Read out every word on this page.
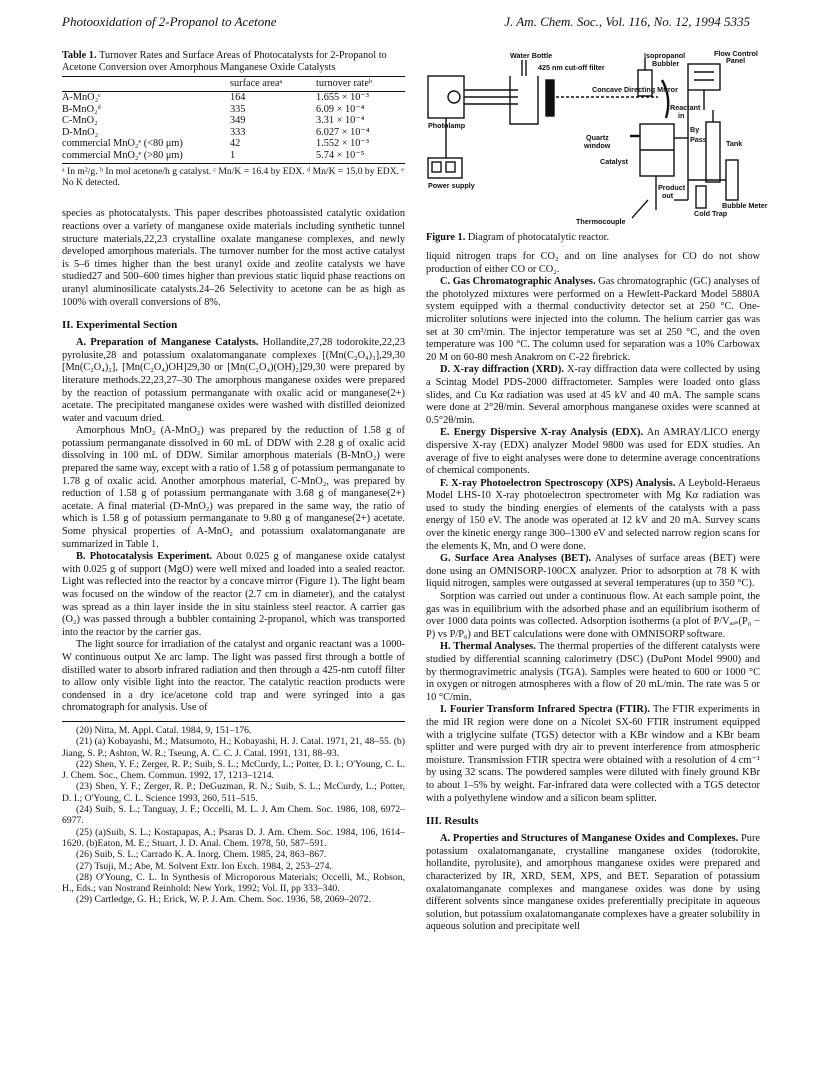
Photooxidation of 2-Propanol to Acetone	J. Am. Chem. Soc., Vol. 116, No. 12, 1994 5335

Table 1. Turnover Rates and Surface Areas of Photocatalysts for 2-Propanol to Acetone Conversion over Amorphous Manganese Oxide Catalysts

	surface areaᵃ	turnover rateᵇ
A-MnO₂ᶜ	164	1.655 × 10⁻³
B-MnO₂ᵈ	335	6.09 × 10⁻⁴
C-MnO₂	349	3.31 × 10⁻⁴
D-MnO₂	333	6.027 × 10⁻⁴
commercial MnO₂ᵉ (<80 μm)	42	1.552 × 10⁻³
commercial MnO₂ᵉ (>80 μm)	1	5.74 × 10⁻⁵

ᵃ In m²/g. ᵇ In mol acetone/h g catalyst. ᶜ Mn/K = 16.4 by EDX. ᵈ Mn/K = 15.0 by EDX. ᵉ No K detected.

species as photocatalysts. This paper describes photoassisted catalytic oxidation reactions over a variety of manganese oxide materials including synthetic tunnel structure materials,22,23 crystalline oxalate manganese complexes, and newly developed amorphous materials. The turnover number for the most active catalyst is 5–6 times higher than the best uranyl oxide and zeolite catalysts we have studied27 and 500–600 times higher than previous static liquid phase reactions on uranyl aluminosilicate catalysts.24–26 Selectivity to acetone can be as high as 100% with overall conversions of 8%.

II. Experimental Section

A. Preparation of Manganese Catalysts. Hollandite,27,28 todorokite,22,23 pyrolusite,28 and potassium oxalatomanganate complexes [(Mn(C₂O₄)₃],29,30 [Mn(C₂O₄)₂], [Mn(C₂O₄)OH]29,30 or [Mn(C₂O₄)(OH)₂]29,30 were prepared by literature methods.22,23,27–30 The amorphous manganese oxides were prepared by the reaction of potassium permanganate with oxalic acid or manganese(2+) acetate. The precipitated manganese oxides were washed with distilled deionized water and vacuum dried.

Amorphous MnO₂ (A-MnO₂) was prepared by the reduction of 1.58 g of potassium permanganate dissolved in 60 mL of DDW with 2.28 g of oxalic acid dissolving in 100 mL of DDW. Similar amorphous materials (B-MnO₂) were prepared the same way, except with a ratio of 1.58 g of potassium permanganate to 1.78 g of oxalic acid. Another amorphous material, C-MnO₂, was prepared by reduction of 1.58 g of potassium permanganate with 3.68 g of manganese(2+) acetate. A final material (D-MnO₂) was prepared in the same way, the ratio of which is 1.58 g of potassium permanganate to 9.80 g of manganese(2+) acetate. Some physical properties of A-MnO₂ and potassium oxalatomanganate are summarized in Table 1.

B. Photocatalysis Experiment. About 0.025 g of manganese oxide catalyst with 0.025 g of support (MgO) were well mixed and loaded into a sealed reactor. Light was reflected into the reactor by a concave mirror (Figure 1). The light beam was focused on the window of the reactor (2.7 cm in diameter), and the catalyst was spread as a thin layer inside the in situ stainless steel reactor. A carrier gas (O₂) was passed through a bubbler containing 2-propanol, which was transported into the reactor by the carrier gas.

The light source for irradiation of the catalyst and organic reactant was a 1000-W continuous output Xe arc lamp. The light was passed first through a bottle of distilled water to absorb infrared radiation and then through a 425-nm cutoff filter to allow only visible light into the reactor. The catalytic reaction products were condensed in a dry ice/acetone cold trap and were syringed into a gas chromatograph for analysis. Use of

(20) Nitta, M. Appl. Catal. 1984, 9, 151–176.

(21) (a) Kobayashi, M.; Matsumoto, H.; Kobayashi, H. J. Catal. 1971, 21, 48–55. (b) Jiang, S. P.; Ashton, W. R.; Tseung, A. C. C. J. Catal. 1991, 131, 88–93.

(22) Shen, Y. F.; Zerger, R. P.; Suib, S. L.; McCurdy, L.; Potter, D. I.; O'Young, C. L. J. Chem. Soc., Chem. Commun. 1992, 17, 1213–1214.

(23) Shen, Y. F.; Zerger, R. P.; DeGuzman, R. N.; Suib, S. L.; McCurdy, L.; Potter, D. I.; O'Young, C. L. Science 1993, 260, 511–515.

(24) Suib, S. L.; Tanguay, J. F.; Occelli, M. L. J. Am Chem. Soc. 1986, 108, 6972–6977.

(25) (a)Suib, S. L.; Kostapapas, A.; Psaras D. J. Am. Chem. Soc. 1984, 106, 1614–1620. (b)Eaton, M. E.; Stuart, J. D. Anal. Chem. 1978, 50, 587–591.

(26) Suib, S. L.; Carrado K. A. Inorg. Chem. 1985, 24, 863–867.

(27) Tsuji, M.; Abe, M. Solvent Extr. Ion Exch. 1984, 2, 253–274.

(28) O'Young, C. L. In Synthesis of Microporous Materials; Occelli, M., Robson, H., Eds.; van Nostrand Reinhold: New York, 1992; Vol. II, pp 333–340.

(29) Cartledge, G. H.; Erick, W. P. J. Am. Chem. Soc. 1936, 58, 2069–2072.

Water Bottle
425 nm cut-off filter
Isopropanol
Bubbler
Flow Control
Panel
Concave Directing Mirror
Reactant
in
By
Pass	Tank
Quartz
window
Catalyst
Photolamp
Power supply	Product
out
Bubble Meter
Cold Trap
Thermocouple

Figure 1. Diagram of photocatalytic reactor.

liquid nitrogen traps for CO₂ and on line analyses for CO do not show production of either CO or CO₂.

C. Gas Chromatographic Analyses. Gas chromatographic (GC) analyses of the photolyzed mixtures were performed on a Hewlett-Packard Model 5880A system equipped with a thermal conductivity detector set at 250 °C. One-microliter solutions were injected into the column. The helium carrier gas was set at 30 cm³/min. The injector temperature was set at 250 °C, and the oven temperature was 100 °C. The column used for separation was a 10% Carbowax 20 M on 60-80 mesh Anakrom on C-22 firebrick.

D. X-ray diffraction (XRD). X-ray diffraction data were collected by using a Scintag Model PDS-2000 diffractometer. Samples were loaded onto glass slides, and Cu Kα radiation was used at 45 kV and 40 mA. The sample scans were done at 2°2θ/min. Several amorphous manganese oxides were scanned at 0.5°2θ/min.

E. Energy Dispersive X-ray Analysis (EDX). An AMRAY/LICO energy dispersive X-ray (EDX) analyzer Model 9800 was used for EDX studies. An average of five to eight analyses were done to determine average concentrations of chemical components.

F. X-ray Photoelectron Spectroscopy (XPS) Analysis. A Leybold-Heraeus Model LHS-10 X-ray photoelectron spectrometer with Mg Kα radiation was used to study the binding energies of elements of the catalysts with a pass energy of 150 eV. The anode was operated at 12 kV and 20 mA. Survey scans over the kinetic energy range 300–1300 eV and selected narrow region scans for the elements K, Mn, and O were done.

G. Surface Area Analyses (BET). Analyses of surface areas (BET) were done using an OMNISORP-100CX analyzer. Prior to adsorption at 78 K with liquid nitrogen, samples were outgassed at several temperatures (up to 350 °C).

Sorption was carried out under a continuous flow. At each sample point, the gas was in equilibrium with the adsorbed phase and an equilibrium isotherm of over 1000 data points was collected. Adsorption isotherms (a plot of P/Vₐₔₛ(P₀ − P) vs P/P₀) and BET calculations were done with OMNISORP software.

H. Thermal Analyses. The thermal properties of the different catalysts were studied by differential scanning calorimetry (DSC) (DuPont Model 9900) and by thermogravimetric analysis (TGA). Samples were heated to 600 or 1000 °C in oxygen or nitrogen atmospheres with a flow of 20 mL/min. The rate was 5 or 10 °C/min.

I. Fourier Transform Infrared Spectra (FTIR). The FTIR experiments in the mid IR region were done on a Nicolet SX-60 FTIR instrument equipped with a triglycine sulfate (TGS) detector with a KBr window and a KBr beam splitter and were purged with dry air to prevent interference from atmospheric moisture. Transmission FTIR spectra were obtained with a resolution of 4 cm⁻¹ by using 32 scans. The powdered samples were diluted with finely ground KBr to about 1–5% by weight. Far-infrared data were collected with a TGS detector with a polyethylene window and a silicon beam splitter.

III. Results

A. Properties and Structures of Manganese Oxides and Complexes. Pure potassium oxalatomanganate, crystalline manganese oxides (todorokite, hollandite, pyrolusite), and amorphous manganese oxides were prepared and characterized by IR, XRD, SEM, XPS, and BET. Separation of potassium oxalatomanganate complexes and manganese oxides was done by using different solvents since manganese oxides preferentially precipitate in aqueous solution, but potassium oxalatomanganate complexes have a greater solubility in aqueous solution and precipitate well
